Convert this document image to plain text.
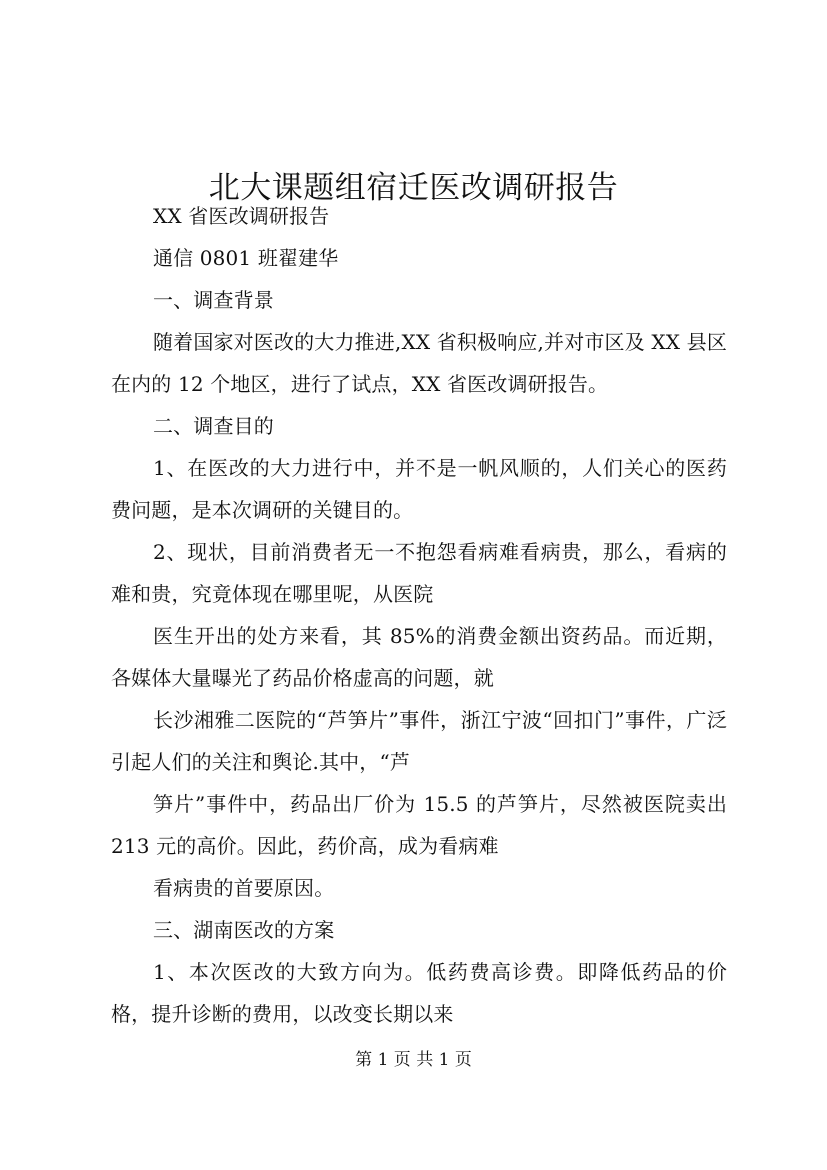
北大课题组宿迁医改调研报告

XX 省医改调研报告

通信 0801 班翟建华

一、调查背景

随着国家对医改的大力推进,XX 省积极响应,并对市区及 XX 县区在内的 12 个地区，进行了试点，XX 省医改调研报告。

二、调查目的

1、在医改的大力进行中，并不是一帆风顺的，人们关心的医药费问题，是本次调研的关键目的。

2、现状，目前消费者无一不抱怨看病难看病贵，那么，看病的难和贵，究竟体现在哪里呢，从医院

医生开出的处方来看，其 85%的消费金额出资药品。而近期，各媒体大量曝光了药品价格虚高的问题，就

长沙湘雅二医院的“芦笋片”事件，浙江宁波“回扣门”事件，广泛引起人们的关注和舆论.其中，“芦

笋片”事件中，药品出厂价为 15.5 的芦笋片，尽然被医院卖出 213 元的高价。因此，药价高，成为看病难

看病贵的首要原因。

三、湖南医改的方案

1、本次医改的大致方向为。低药费高诊费。即降低药品的价格，提升诊断的费用，以改变长期以来

第 1 页 共 1 页
